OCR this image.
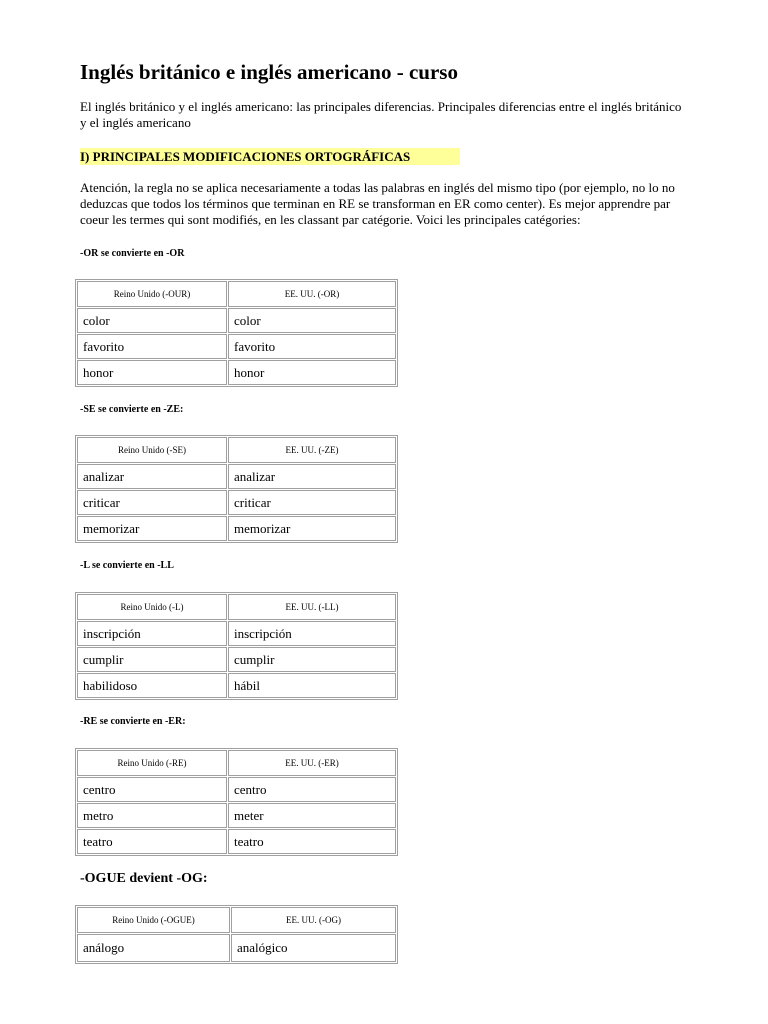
Inglés británico e inglés americano - curso

El inglés británico y el inglés americano: las principales diferencias. Principales diferencias entre el inglés británico y el inglés americano

I) PRINCIPALES MODIFICACIONES ORTOGRÁFICAS

Atención, la regla no se aplica necesariamente a todas las palabras en inglés del mismo tipo (por ejemplo, no lo no deduzcas que todos los términos que terminan en RE se transforman en ER como center). Es mejor apprendre par coeur les termes qui sont modifiés, en les classant par catégorie. Voici les principales catégories:

-OR se convierte en -OR

Reino Unido (-OUR)	EE. UU. (-OR)
color	color
favorito	favorito
honor	honor

-SE se convierte en -ZE:

Reino Unido (-SE)	EE. UU. (-ZE)
analizar	analizar
criticar	criticar
memorizar	memorizar

-L se convierte en -LL

Reino Unido (-L)	EE. UU. (-LL)
inscripción	inscripción
cumplir	cumplir
habilidoso	hábil

-RE se convierte en -ER:

Reino Unido (-RE)	EE. UU. (-ER)
centro	centro
metro	meter
teatro	teatro

-OGUE devient -OG:

Reino Unido (-OGUE)	EE. UU. (-OG)
análogo	analógico
